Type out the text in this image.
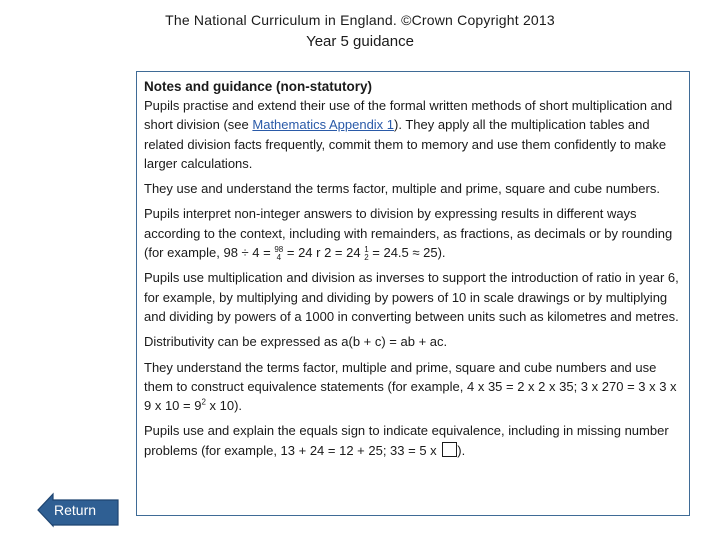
The National Curriculum in England. ©Crown Copyright 2013
Year 5 guidance
Notes and guidance (non-statutory)

Pupils practise and extend their use of the formal written methods of short multiplication and short division (see Mathematics Appendix 1). They apply all the multiplication tables and related division facts frequently, commit them to memory and use them confidently to make larger calculations.

They use and understand the terms factor, multiple and prime, square and cube numbers.

Pupils interpret non-integer answers to division by expressing results in different ways according to the context, including with remainders, as fractions, as decimals or by rounding (for example, 98 ÷ 4 = 98
4 = 24 r 2 = 24 1
2 = 24.5 ≈ 25).

Pupils use multiplication and division as inverses to support the introduction of ratio in year 6, for example, by multiplying and dividing by powers of 10 in scale drawings or by multiplying and dividing by powers of a 1000 in converting between units such as kilometres and metres.

Distributivity can be expressed as a(b + c) = ab + ac.

They understand the terms factor, multiple and prime, square and cube numbers and use them to construct equivalence statements (for example, 4 x 35 = 2 x 2 x 35; 3 x 270 = 3 x 3 x 9 x $10 = 9^2$ x 10).

Pupils use and explain the equals sign to indicate equivalence, including in missing number problems (for example, 13 + 24 = 12 + 25; 33 = 5 x ).

Return
